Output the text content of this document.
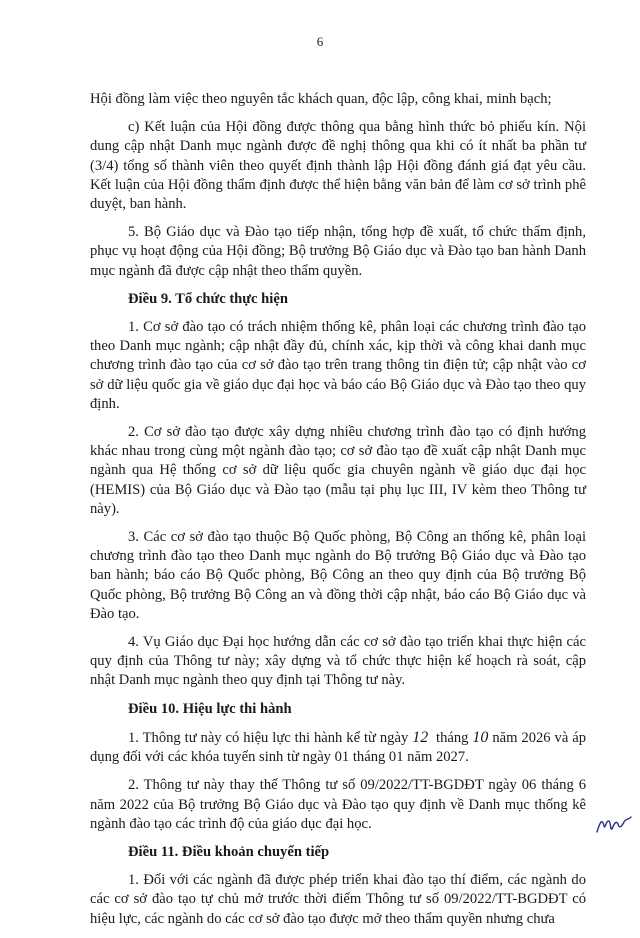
6

Hội đồng làm việc theo nguyên tắc khách quan, độc lập, công khai, minh bạch;

c) Kết luận của Hội đồng được thông qua bằng hình thức bỏ phiếu kín. Nội dung cập nhật Danh mục ngành được đề nghị thông qua khi có ít nhất ba phần tư (3/4) tổng số thành viên theo quyết định thành lập Hội đồng đánh giá đạt yêu cầu. Kết luận của Hội đồng thẩm định được thể hiện bằng văn bản để làm cơ sở trình phê duyệt, ban hành.

5. Bộ Giáo dục và Đào tạo tiếp nhận, tổng hợp đề xuất, tổ chức thẩm định, phục vụ hoạt động của Hội đồng; Bộ trưởng Bộ Giáo dục và Đào tạo ban hành Danh mục ngành đã được cập nhật theo thẩm quyền.

Điều 9. Tổ chức thực hiện

1. Cơ sở đào tạo có trách nhiệm thống kê, phân loại các chương trình đào tạo theo Danh mục ngành; cập nhật đầy đủ, chính xác, kịp thời và công khai danh mục chương trình đào tạo của cơ sở đào tạo trên trang thông tin điện tử; cập nhật vào cơ sở dữ liệu quốc gia về giáo dục đại học và báo cáo Bộ Giáo dục và Đào tạo theo quy định.

2. Cơ sở đào tạo được xây dựng nhiều chương trình đào tạo có định hướng khác nhau trong cùng một ngành đào tạo; cơ sở đào tạo đề xuất cập nhật Danh mục ngành qua Hệ thống cơ sở dữ liệu quốc gia chuyên ngành về giáo dục đại học (HEMIS) của Bộ Giáo dục và Đào tạo (mẫu tại phụ lục III, IV kèm theo Thông tư này).

3. Các cơ sở đào tạo thuộc Bộ Quốc phòng, Bộ Công an thống kê, phân loại chương trình đào tạo theo Danh mục ngành do Bộ trưởng Bộ Giáo dục và Đào tạo ban hành; báo cáo Bộ Quốc phòng, Bộ Công an theo quy định của Bộ trưởng Bộ Quốc phòng, Bộ trưởng Bộ Công an và đồng thời cập nhật, báo cáo Bộ Giáo dục và Đào tạo.

4. Vụ Giáo dục Đại học hướng dẫn các cơ sở đào tạo triển khai thực hiện các quy định của Thông tư này; xây dựng và tổ chức thực hiện kế hoạch rà soát, cập nhật Danh mục ngành theo quy định tại Thông tư này.

Điều 10. Hiệu lực thi hành

1. Thông tư này có hiệu lực thi hành kể từ ngày 12 tháng 10 năm 2026 và áp dụng đối với các khóa tuyển sinh từ ngày 01 tháng 01 năm 2027.

2. Thông tư này thay thế Thông tư số 09/2022/TT-BGDĐT ngày 06 tháng 6 năm 2022 của Bộ trưởng Bộ Giáo dục và Đào tạo quy định về Danh mục thống kê ngành đào tạo các trình độ của giáo dục đại học.

Điều 11. Điều khoản chuyển tiếp

1. Đối với các ngành đã được phép triển khai đào tạo thí điểm, các ngành do các cơ sở đào tạo tự chủ mở trước thời điểm Thông tư số 09/2022/TT-BGDĐT có hiệu lực, các ngành do các cơ sở đào tạo được mở theo thẩm quyền nhưng chưa
